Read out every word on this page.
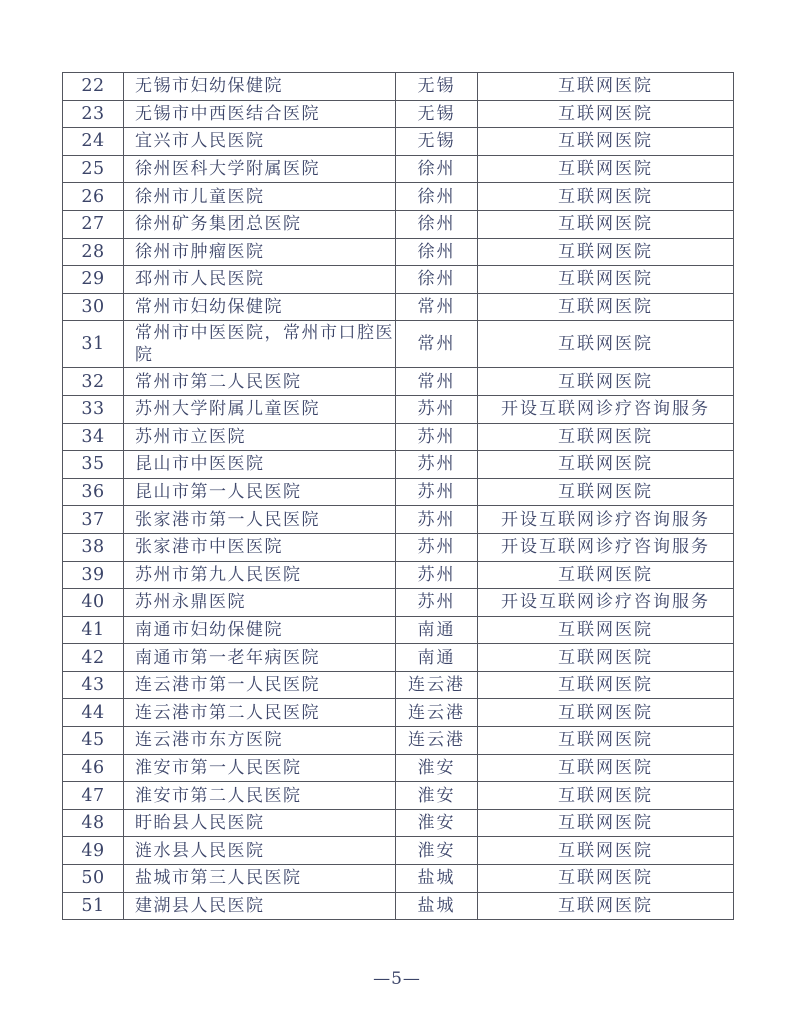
22	无锡市妇幼保健院	无锡	互联网医院
23	无锡市中西医结合医院	无锡	互联网医院
24	宜兴市人民医院	无锡	互联网医院
25	徐州医科大学附属医院	徐州	互联网医院
26	徐州市儿童医院	徐州	互联网医院
27	徐州矿务集团总医院	徐州	互联网医院
28	徐州市肿瘤医院	徐州	互联网医院
29	邳州市人民医院	徐州	互联网医院
30	常州市妇幼保健院	常州	互联网医院
31	常州市中医医院，常州市口腔医院	常州	互联网医院
32	常州市第二人民医院	常州	互联网医院
33	苏州大学附属儿童医院	苏州	开设互联网诊疗咨询服务
34	苏州市立医院	苏州	互联网医院
35	昆山市中医医院	苏州	互联网医院
36	昆山市第一人民医院	苏州	互联网医院
37	张家港市第一人民医院	苏州	开设互联网诊疗咨询服务
38	张家港市中医医院	苏州	开设互联网诊疗咨询服务
39	苏州市第九人民医院	苏州	互联网医院
40	苏州永鼎医院	苏州	开设互联网诊疗咨询服务
41	南通市妇幼保健院	南通	互联网医院
42	南通市第一老年病医院	南通	互联网医院
43	连云港市第一人民医院	连云港	互联网医院
44	连云港市第二人民医院	连云港	互联网医院
45	连云港市东方医院	连云港	互联网医院
46	淮安市第一人民医院	淮安	互联网医院
47	淮安市第二人民医院	淮安	互联网医院
48	盱眙县人民医院	淮安	互联网医院
49	涟水县人民医院	淮安	互联网医院
50	盐城市第三人民医院	盐城	互联网医院
51	建湖县人民医院	盐城	互联网医院
—5—
